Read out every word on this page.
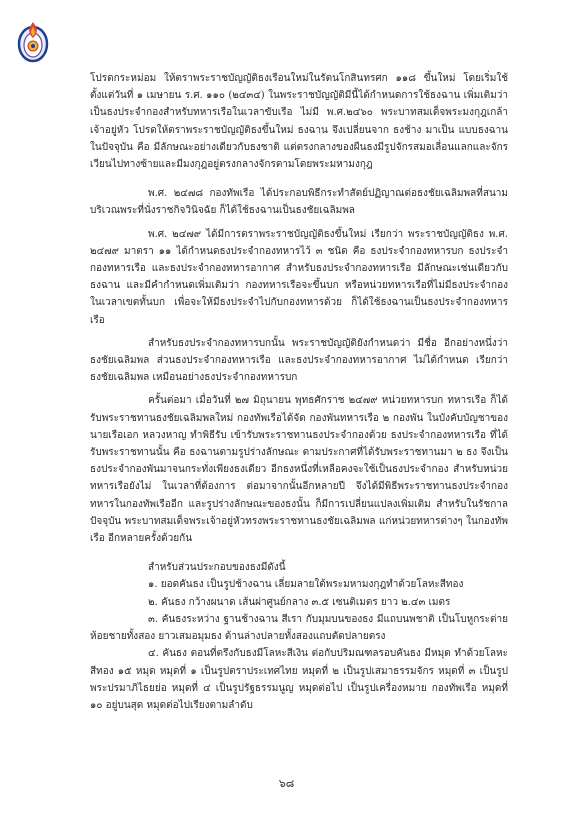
โปรดกระหม่อม ให้ตราพระราชบัญญัติธงเรือนใหม่ในรัตนโกสินทรศก ๑๑๘ ขึ้นใหม่ โดยเริ่มใช้ ตั้งแต่วันที่ ๑ เมษายน ร.ศ. ๑๑๐ (๒๔๓๔) ในพระราชบัญญัติมีนี้ได้กำหนดการใช้ธงฉาน เพิ่มเติมว่า เป็นธงประจำกองสำหรับทหารเรือในเวลาขับเรือ ไม่มี พ.ศ.๒๔๖๐ พระบาทสมเด็จพระมงกุฎเกล้าเจ้าอยู่หัว โปรดให้ตราพระราชบัญญัติธงขึ้นใหม่ ธงฉาน จึงเปลี่ยนจาก ธงช้าง มาเป็น แบบธงฉานในปัจจุบัน คือ มีลักษณะอย่างเดียวกับธงชาติ แต่ตรงกลางของผืนธงมีรูปจักรสมอเลื่อนแลกและจักรเวียนไปทางซ้ายและมีมงกุฎอยู่ตรงกลางจักรตามโดยพระมหามงกุฎ

พ.ศ. ๒๔๗๘ กองทัพเรือ ได้ประกอบพิธีกระทำสัตย์ปฏิญาณต่อธงชัยเฉลิมพลที่สนามบริเวณพระที่นั่งราชกิจวินิจฉัย ก็ได้ใช้ธงฉานเป็นธงชัยเฉลิมพล

พ.ศ. ๒๔๗๙ ได้มีการตราพระราชบัญญัติธงขึ้นใหม่ เรียกว่า พระราชบัญญัติธง พ.ศ. ๒๔๗๙ มาตรา ๑๑ ได้กำหนดธงประจำกองทหารไว้ ๓ ชนิด คือ ธงประจำกองทหารบก ธงประจำกองทหารเรือ และธงประจำกองทหารอากาศ สำหรับธงประจำกองทหารเรือ มีลักษณะเช่นเดียวกับธงฉาน และมีคำกำหนดเพิ่มเติมว่า กองทหารเรือจะขึ้นบก หรือหน่วยทหารเรือที่ไม่มีธงประจำกองในเวลาเขตทั้นบก เพื่อจะให้มีธงประจำไปกับกองทหารด้วย ก็ได้ใช้ธงฉานเป็นธงประจำกองทหารเรือ

สำหรับธงประจำกองทหารบกนั้น พระราชบัญญัติยังกำหนดว่า มีชื่อ อีกอย่างหนึ่งว่า ธงชัยเฉลิมพล ส่วนธงประจำกองทหารเรือ และธงประจำกองทหารอากาศ ไม่ได้กำหนด เรียกว่า ธงชัยเฉลิมพล เหมือนอย่างธงประจำกองทหารบก

ครั้นต่อมา เมื่อวันที่ ๒๗ มิถุนายน พุทธศักราช ๒๔๗๙ หน่วยทหารบก ทหารเรือ ก็ได้รับพระราชทานธงชัยเฉลิมพลใหม่ กองทัพเรือได้จัด กองพันทหารเรือ ๒ กองพัน ในบังคับบัญชาของนายเรือเอก หลวงหาญ ทำพิธีรับ เข้ารับพระราชทานธงประจำกองด้วย ธงประจำกองทหารเรือ ที่ได้รับพระราชทานนั้น คือ ธงฉานตามรูปร่างลักษณะ ตามประกาศที่ได้รับพระราชทานมา ๒ ธง จึงเป็นธงประจำกองพันมาจนกระทั่งเพียงธงเดียว อีกธงหนึ่งที่เหลือคงจะใช้เป็นธงประจำกอง สำหรับหน่วยทหารเรือยังไม่ ในเวลาที่ต้องการ ต่อมาจากนั้นอีกหลายปี จึงได้มีพิธีพระราชทานธงประจำกองทหารในกองทัพเรืออีก และรูปร่างลักษณะของธงนั้น ก็มีการเปลี่ยนแปลงเพิ่มเติม สำหรับในรัชกาลปัจจุบัน พระบาทสมเด็จพระเจ้าอยู่หัวทรงพระราชทานธงชัยเฉลิมพล แก่หน่วยทหารต่างๆ ในกองทัพเรือ อีกหลายครั้งด้วยกัน

สำหรับส่วนประกอบของธงมีดังนี้

๑. ยอดคันธง เป็นรูปช้างฉาน เลี่ยมลายใต้พระมหามงกุฎทำด้วยโลหะสีทอง

๒. คันธง กว้างผนาด เส้นผ่าศูนย์กลาง ๓.๕ เซนติเมตร ยาว ๒.๔๓ เมตร

๓. คันธงระหว่าง ฐานช้างฉาน สีเรา กับมุมบนของธง มีแถบนพชาติ เป็นโบหูกระต่ายห้อยชายทั้งสอง ยาวเสมอมุมธง ด้านล่างปลายทั้งสองแถบตัดปลายตรง

๔. คันธง ตอนที่ตรึงกับธงมีโลหะสีเงิน ต่อกับปริมณฑลรอบคันธง มีหมุด ทำด้วยโลหะสีทอง ๑๕ หมุด หมุดที่ ๑ เป็นรูปตราประเทศไทย หมุดที่ ๒ เป็นรูปเสมาธรรมจักร หมุดที่ ๓ เป็นรูปพระปรมาภิไธยย่อ หมุดที่ ๔ เป็นรูปรัฐธรรมนูญ หมุดต่อไป เป็นรูปเครื่องหมาย กองทัพเรือ หมุดที่ ๑๐ อยู่บนสุด หมุดต่อไปเรียงตามลำดับ

๖๘
